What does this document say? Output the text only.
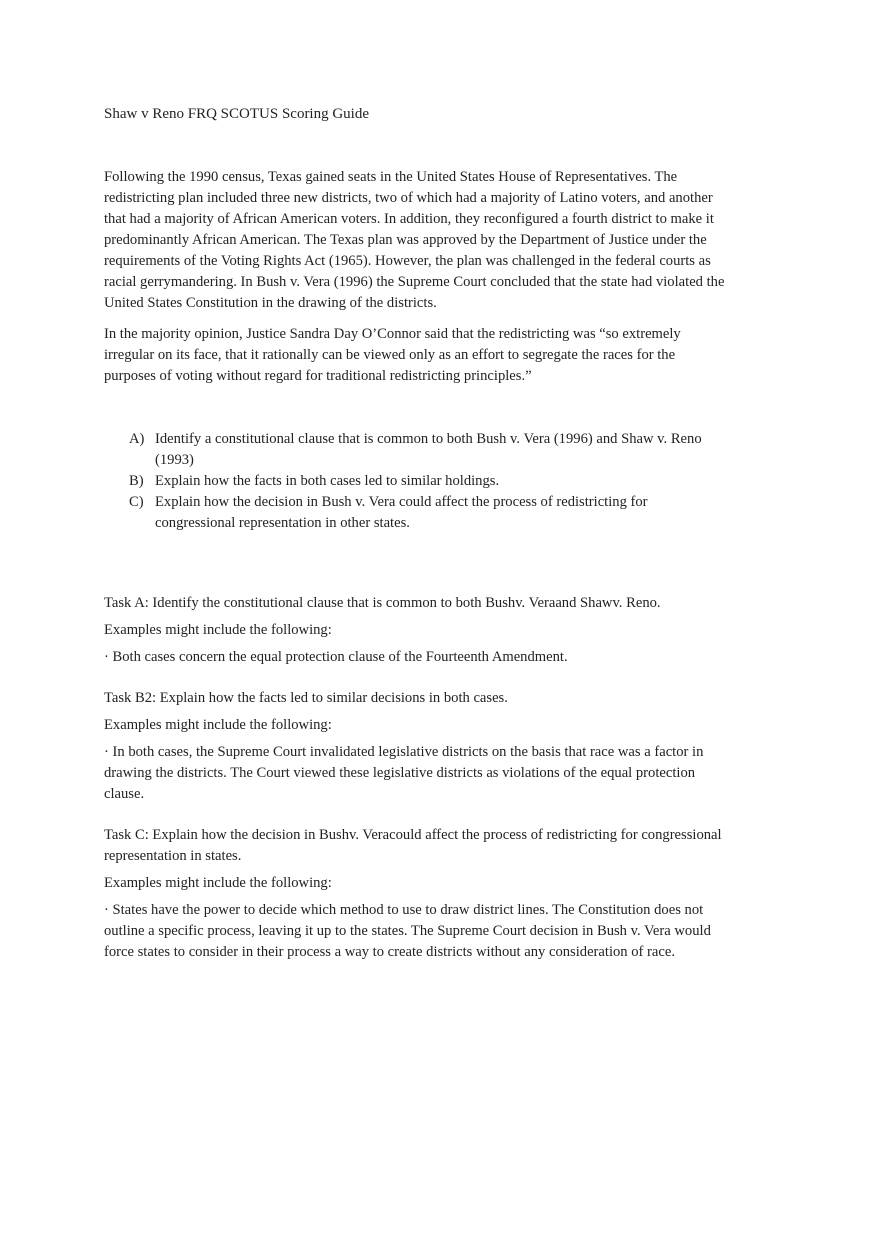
Shaw v Reno FRQ SCOTUS Scoring Guide

Following the 1990 census, Texas gained seats in the United States House of Representatives. The redistricting plan included three new districts, two of which had a majority of Latino voters, and another that had a majority of African American voters. In addition, they reconfigured a fourth district to make it predominantly African American. The Texas plan was approved by the Department of Justice under the requirements of the Voting Rights Act (1965). However, the plan was challenged in the federal courts as racial gerrymandering. In Bush v. Vera (1996) the Supreme Court concluded that the state had violated the United States Constitution in the drawing of the districts.

In the majority opinion, Justice Sandra Day O’Connor said that the redistricting was “so extremely irregular on its face, that it rationally can be viewed only as an effort to segregate the races for the purposes of voting without regard for traditional redistricting principles.”

A) Identify a constitutional clause that is common to both Bush v. Vera (1996) and Shaw v. Reno (1993)
B) Explain how the facts in both cases led to similar holdings.
C) Explain how the decision in Bush v. Vera could affect the process of redistricting for congressional representation in other states.

Task A: Identify the constitutional clause that is common to both Bushv. Veraand Shawv. Reno.

Examples might include the following:

· Both cases concern the equal protection clause of the Fourteenth Amendment.

Task B2: Explain how the facts led to similar decisions in both cases.

Examples might include the following:

· In both cases, the Supreme Court invalidated legislative districts on the basis that race was a factor in drawing the districts. The Court viewed these legislative districts as violations of the equal protection clause.

Task C: Explain how the decision in Bushv. Veracould affect the process of redistricting for congressional representation in states.

Examples might include the following:

· States have the power to decide which method to use to draw district lines. The Constitution does not outline a specific process, leaving it up to the states. The Supreme Court decision in Bush v. Vera would force states to consider in their process a way to create districts without any consideration of race.
